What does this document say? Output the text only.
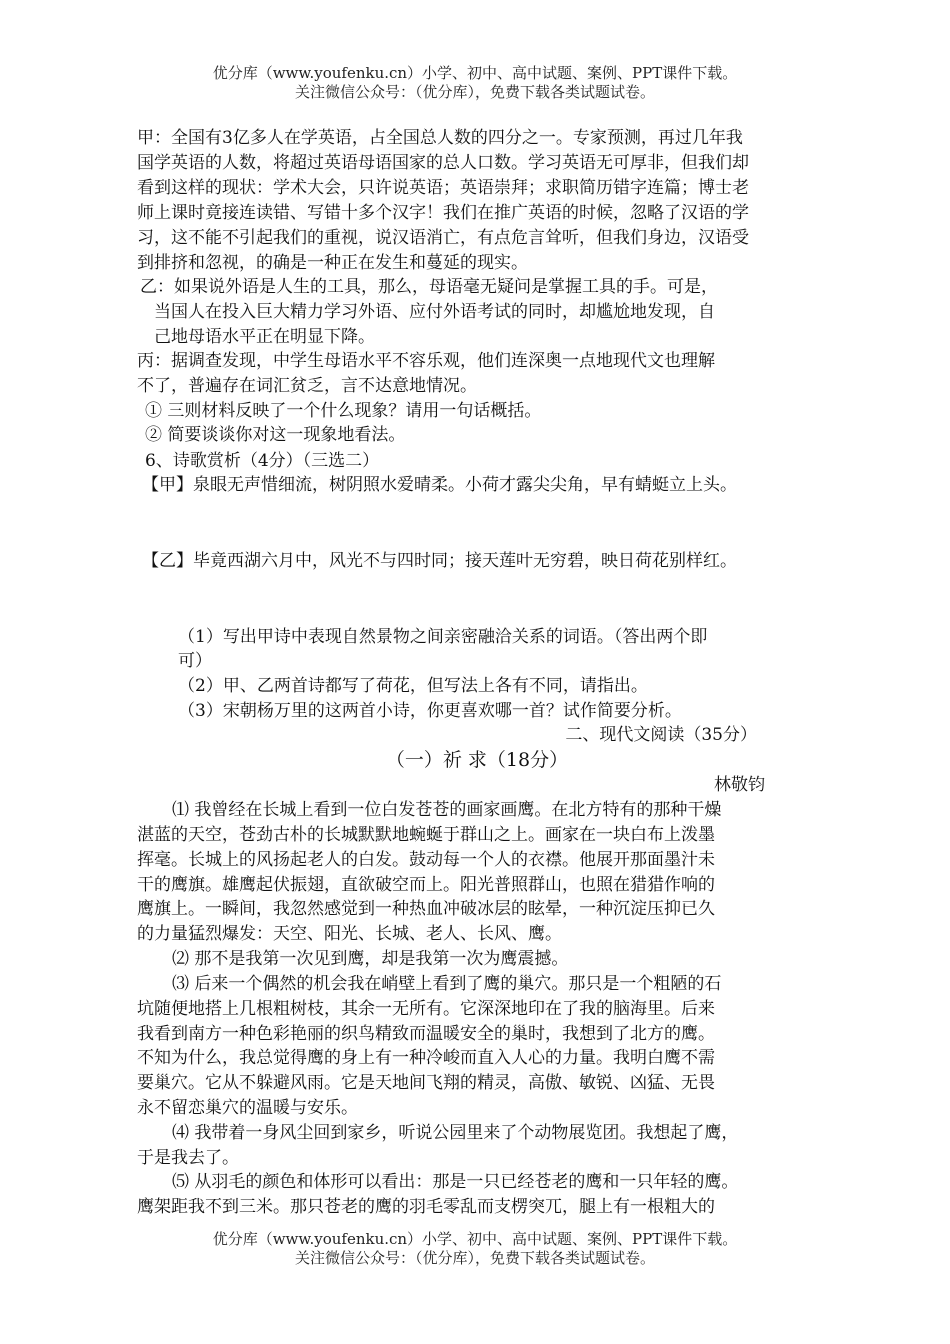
优分库（www.youfenku.cn）小学、初中、高中试题、案例、PPT课件下载。
关注微信公众号：（优分库），免费下载各类试题试卷。
甲：全国有3亿多人在学英语，占全国总人数的四分之一。专家预测，再过几年我
国学英语的人数，将超过英语母语国家的总人口数。学习英语无可厚非，但我们却
看到这样的现状：学术大会，只许说英语；英语崇拜；求职简历错字连篇；博士老
师上课时竟接连读错、写错十多个汉字！我们在推广英语的时候，忽略了汉语的学
习，这不能不引起我们的重视，说汉语消亡，有点危言耸听，但我们身边，汉语受
到排挤和忽视，的确是一种正在发生和蔓延的现实。
乙：如果说外语是人生的工具，那么，母语毫无疑问是掌握工具的手。可是，
当国人在投入巨大精力学习外语、应付外语考试的同时，却尴尬地发现，自
己地母语水平正在明显下降。
丙：据调查发现，中学生母语水平不容乐观，他们连深奥一点地现代文也理解
不了，普遍存在词汇贫乏，言不达意地情况。
① 三则材料反映了一个什么现象？请用一句话概括。
② 简要谈谈你对这一现象地看法。
6、诗歌赏析（4分）（三选二）
【甲】泉眼无声惜细流，树阴照水爱晴柔。小荷才露尖尖角，早有蜻蜓立上头。
【乙】毕竟西湖六月中，风光不与四时同；接天莲叶无穷碧，映日荷花别样红。
（1）写出甲诗中表现自然景物之间亲密融洽关系的词语。（答出两个即
可）
（2）甲、乙两首诗都写了荷花，但写法上各有不同，请指出。
（3）宋朝杨万里的这两首小诗，你更喜欢哪一首？试作简要分析。
二、现代文阅读（35分）
（一）祈 求（18分）
林敬钧
⑴ 我曾经在长城上看到一位白发苍苍的画家画鹰。在北方特有的那种干燥
湛蓝的天空，苍劲古朴的长城默默地蜿蜒于群山之上。画家在一块白布上泼墨
挥毫。长城上的风扬起老人的白发。鼓动每一个人的衣襟。他展开那面墨汁未
干的鹰旗。雄鹰起伏振翅，直欲破空而上。阳光普照群山，也照在猎猎作响的
鹰旗上。一瞬间，我忽然感觉到一种热血冲破冰层的眩晕，一种沉淀压抑已久
的力量猛烈爆发：天空、阳光、长城、老人、长风、鹰。
⑵ 那不是我第一次见到鹰，却是我第一次为鹰震撼。
⑶ 后来一个偶然的机会我在峭壁上看到了鹰的巢穴。那只是一个粗陋的石
坑随便地搭上几根粗树枝，其余一无所有。它深深地印在了我的脑海里。后来
我看到南方一种色彩艳丽的织鸟精致而温暖安全的巢时，我想到了北方的鹰。
不知为什么，我总觉得鹰的身上有一种冷峻而直入人心的力量。我明白鹰不需
要巢穴。它从不躲避风雨。它是天地间飞翔的精灵，高傲、敏锐、凶猛、无畏
永不留恋巢穴的温暖与安乐。
⑷ 我带着一身风尘回到家乡，听说公园里来了个动物展览团。我想起了鹰，
于是我去了。
⑸ 从羽毛的颜色和体形可以看出：那是一只已经苍老的鹰和一只年轻的鹰。
鹰架距我不到三米。那只苍老的鹰的羽毛零乱而支楞突兀，腿上有一根粗大的
优分库（www.youfenku.cn）小学、初中、高中试题、案例、PPT课件下载。
关注微信公众号：（优分库），免费下载各类试题试卷。
